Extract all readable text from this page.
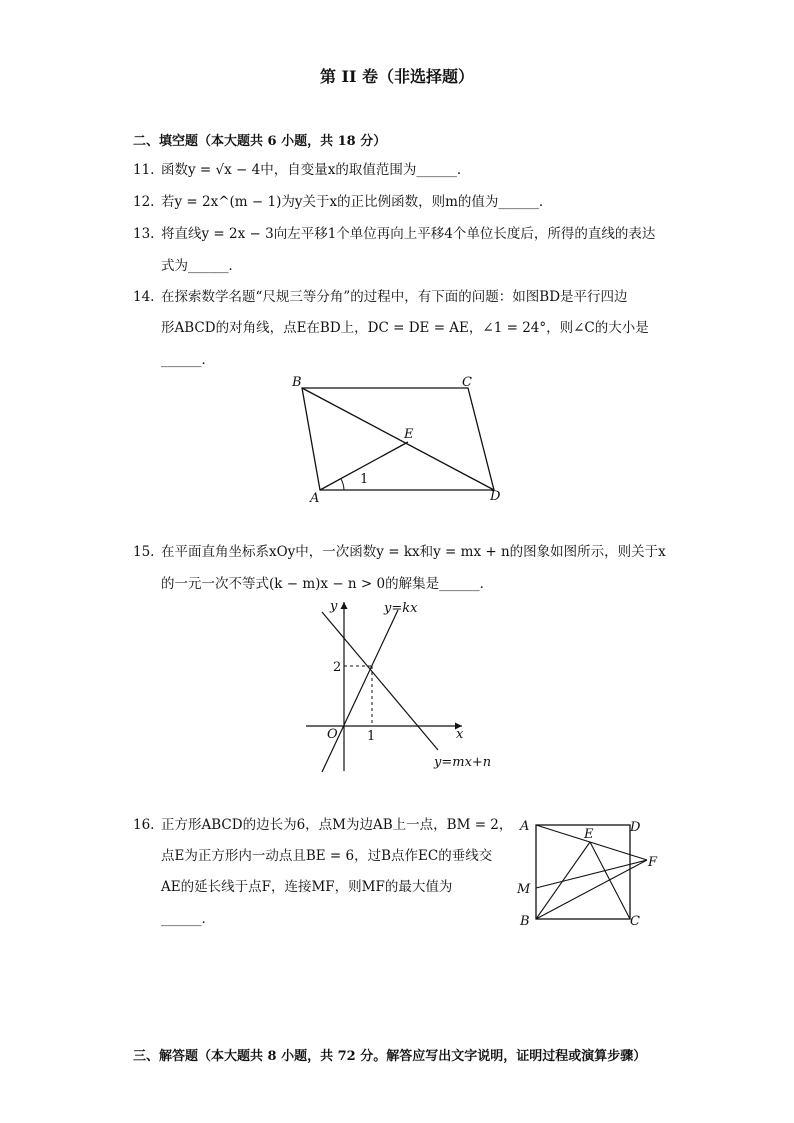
第 II 卷（非选择题）
二、填空题（本大题共 6 小题，共 18 分）
11. 函数y = √x − 4中，自变量x的取值范围为______．
12. 若y = 2x^(m − 1)为y关于x的正比例函数，则m的值为______．
13. 将直线y = 2x − 3向左平移1个单位再向上平移4个单位长度后，所得的直线的表达
式为______．
14. 在探索数学名题“尺规三等分角”的过程中，有下面的问题：如图BD是平行四边
形ABCD的对角线，点E在BD上，DC = DE = AE，∠1 = 24°，则∠C的大小是
______．
B	C
E
A	D
1
15. 在平面直角坐标系xOy中，一次函数y = kx和y = mx + n的图象如图所示，则关于x
的一元一次不等式(k − m)x − n > 0的解集是______．
y
x
O
2
1
y=kx
y=mx+n
16. 正方形ABCD的边长为6，点M为边AB上一点，BM = 2，
点E为正方形内一动点且BE = 6，过B点作EC的垂线交
AE的延长线于点F，连接MF，则MF的最大值为
______．
A	D
E
F
M
B	C
三、解答题（本大题共 8 小题，共 72 分。解答应写出文字说明，证明过程或演算步骤）
